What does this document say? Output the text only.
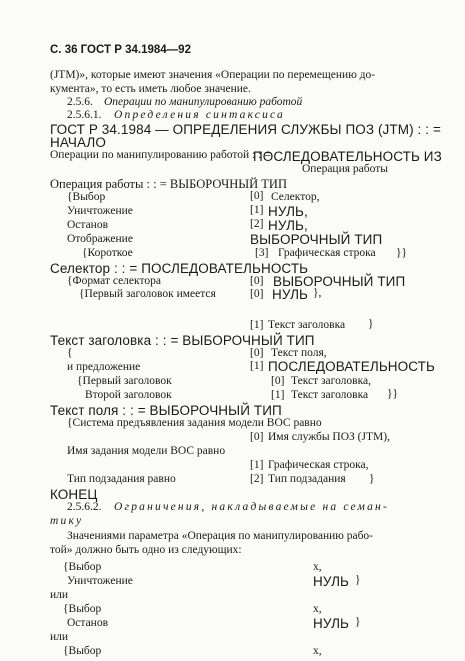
С. 36 ГОСТ Р 34.1984—92
(JTM)», которые имеют значения «Операции по перемещению до-
кумента», тo есть иметь любое значение.
2.5.6. Операции по манипулированию работой
2.5.6.1. Определения синтаксиса
ГОСТ Р 34.1984 — ОПРЕДЕЛЕНИЯ СЛУЖБЫ ПОЗ (JTM) : : =
НАЧАЛО
Операции по манипулированию работой : : =
ПОСЛЕДОВАТЕЛЬНОСТЬ ИЗ
Операция работы
Операция работы : : = ВЫБОРОЧНЫЙ ТИП
{Выбор	[0] Селектор,
Уничтожение	[1] НУЛЬ,
Останов	[2] НУЛЬ,
Отображение	ВЫБОРОЧНЫЙ ТИП
{Короткое	[3] Графическая строка }}
Селектор : : = ПОСЛЕДОВАТЕЛЬНОСТЬ
{Формат селектора	[0] ВЫБОРОЧНЫЙ ТИП
{Первый заголовок имеется	[0] НУЛЬ },
[1] Текст заголовка }
Текст заголовка : : = ВЫБОРОЧНЫЙ ТИП
{	[0] Текст поля,
и предложение	[1] ПОСЛЕДОВАТЕЛЬНОСТЬ
{Первый заголовок	[0] Текст заголовка,
Второй заголовок	[1] Текст заголовка }}
Текст поля : : = ВЫБОРОЧНЫЙ ТИП
{Система предъявления задания модели ВОС равно
[0] Имя службы ПОЗ (JTM),
Имя задания модели ВОС равно
[1] Графическая строка,
Тип подзадания равно	[2] Тип подзадания }
КОНЕЦ
2.5.6.2. Ограничения, накладываемые на семан-
тику
Значениями параметра «Операция по манипулированию рабо-
той» должно быть одно из следующих:
{Выбор	x,
Уничтожение	НУЛЬ }
или
{Выбор	x,
Останов	НУЛЬ }
или
{Выбор	x,
